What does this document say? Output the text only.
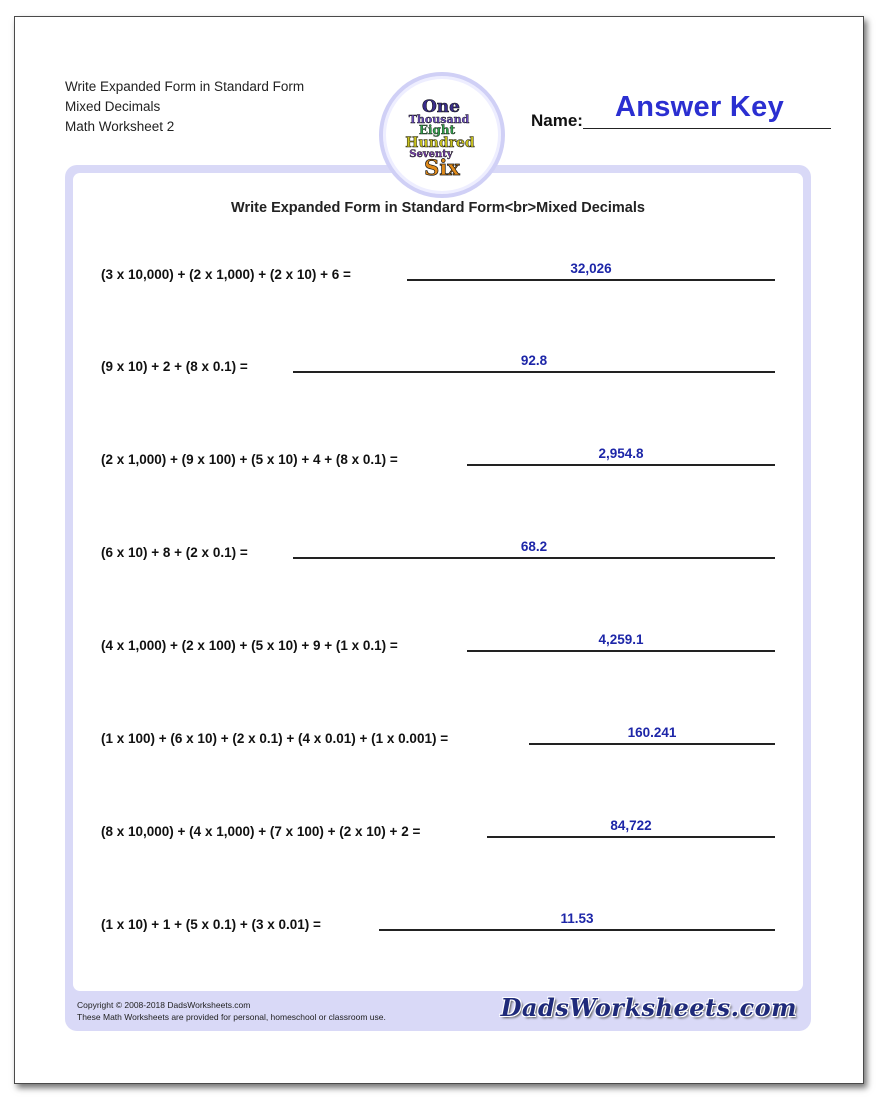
Write Expanded Form in Standard Form
Mixed Decimals
Math Worksheet 2
One
Thousand
Eight
Hundred
Seventy
Six
Name: Answer Key
Write Expanded Form in Standard Form<br>Mixed Decimals
(3 x 10,000) + (2 x 1,000) + (2 x 10) + 6 =	32,026
(9 x 10) + 2 + (8 x 0.1) =	92.8
(2 x 1,000) + (9 x 100) + (5 x 10) + 4 + (8 x 0.1) =	2,954.8
(6 x 10) + 8 + (2 x 0.1) =	68.2
(4 x 1,000) + (2 x 100) + (5 x 10) + 9 + (1 x 0.1) =	4,259.1
(1 x 100) + (6 x 10) + (2 x 0.1) + (4 x 0.01) + (1 x 0.001) =	160.241
(8 x 10,000) + (4 x 1,000) + (7 x 100) + (2 x 10) + 2 =	84,722
(1 x 10) + 1 + (5 x 0.1) + (3 x 0.01) =	11.53
Copyright © 2008-2018 DadsWorksheets.com
These Math Worksheets are provided for personal, homeschool or classroom use.	DadsWorksheets.com
